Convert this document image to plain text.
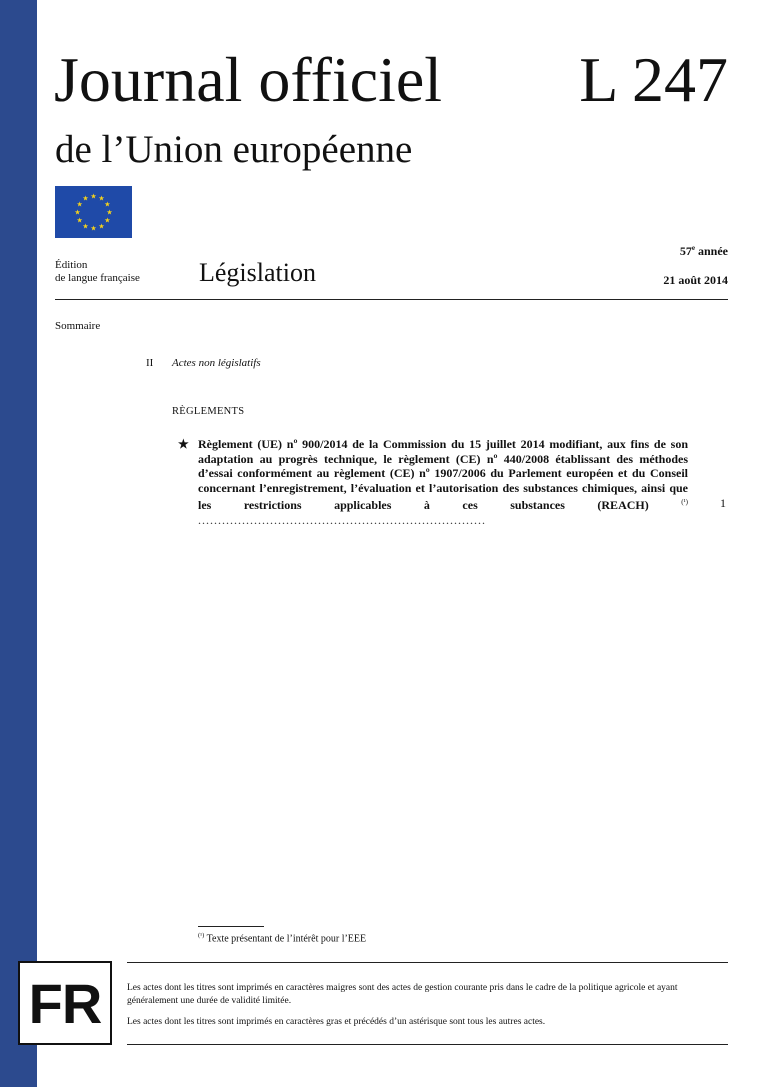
Journal officiel L 247
de l’Union européenne
★ ★
★
★
★
★
★
★
★
★
★
★
Édition
de langue française Législation
57e année
21 août 2014
Sommaire
II Actes non législatifs
RÈGLEMENTS
★ Règlement (UE) nº 900/2014 de la Commission du 15 juillet 2014 modifiant, aux fins de son adaptation au progrès technique, le règlement (CE) nº 440/2008 établissant des méthodes d’essai conformément au règlement (CE) nº 1907/2006 du Parlement européen et du Conseil concernant l’enregistrement, l’évaluation et l’autorisation des substances chimiques, ainsi que les restrictions applicables à ces substances (REACH)	$^{(^1)}$ ........................................................................
1
$^{(^1)}$ Texte présentant de l’intérêt pour l’EEE
FR	Les actes dont les titres sont imprimés en caractères maigres sont des actes de gestion courante pris dans le cadre de la politique agricole et ayant généralement une durée de validité limitée.
Les actes dont les titres sont imprimés en caractères gras et précédés d’un astérisque sont tous les autres actes.
